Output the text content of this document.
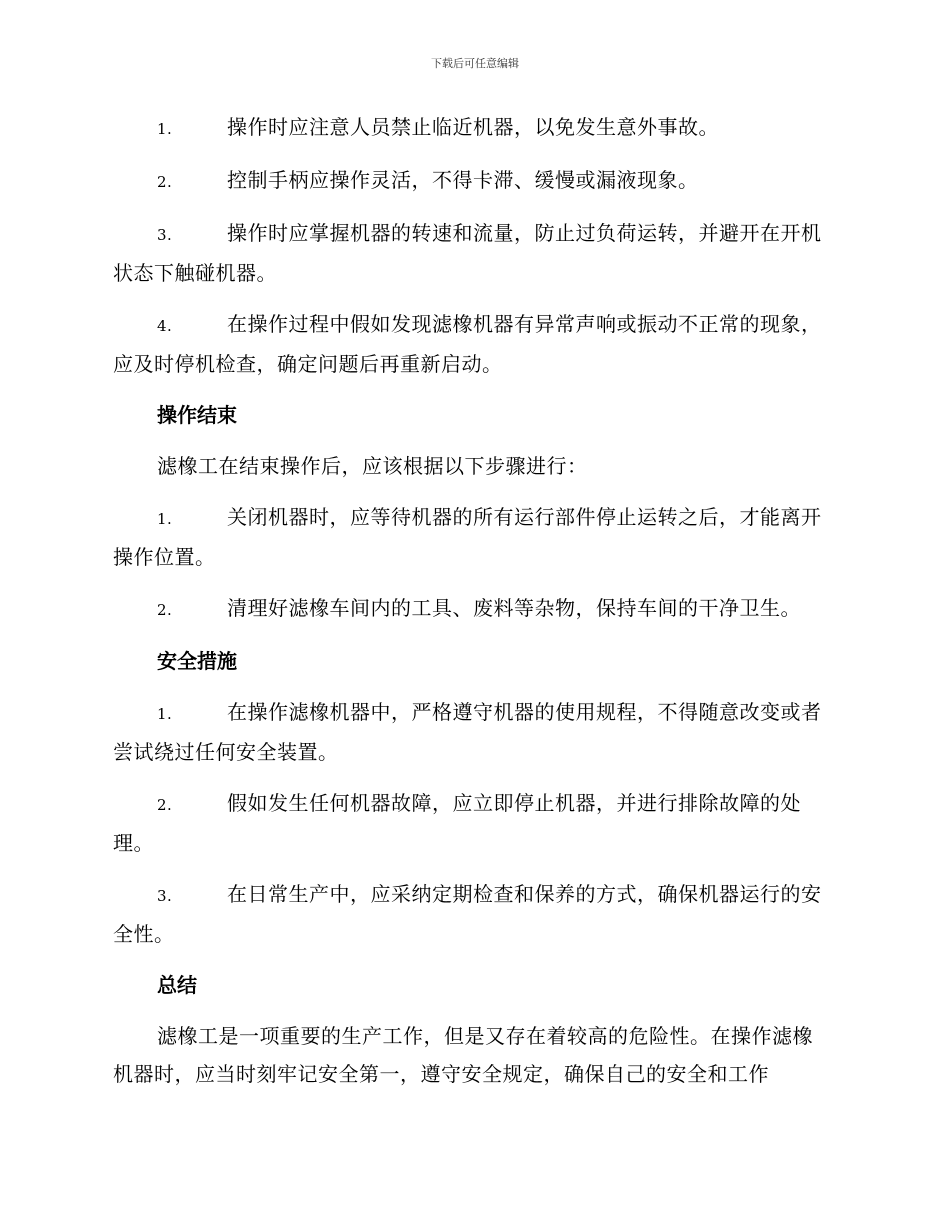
下载后可任意编辑
1.	操作时应注意人员禁止临近机器，以免发生意外事故。
2.	控制手柄应操作灵活，不得卡滞、缓慢或漏液现象。
3.	操作时应掌握机器的转速和流量，防止过负荷运转，并避开在开机状态下触碰机器。
4.	在操作过程中假如发现滤橡机器有异常声响或振动不正常的现象，应及时停机检查，确定问题后再重新启动。
操作结束
滤橡工在结束操作后，应该根据以下步骤进行：
1.	关闭机器时，应等待机器的所有运行部件停止运转之后，才能离开操作位置。
2.	清理好滤橡车间内的工具、废料等杂物，保持车间的干净卫生。
安全措施
1.	在操作滤橡机器中，严格遵守机器的使用规程，不得随意改变或者尝试绕过任何安全装置。
2.	假如发生任何机器故障，应立即停止机器，并进行排除故障的处理。
3.	在日常生产中，应采纳定期检查和保养的方式，确保机器运行的安全性。
总结
滤橡工是一项重要的生产工作，但是又存在着较高的危险性。在操作滤橡机器时，应当时刻牢记安全第一，遵守安全规定，确保自己的安全和工作
